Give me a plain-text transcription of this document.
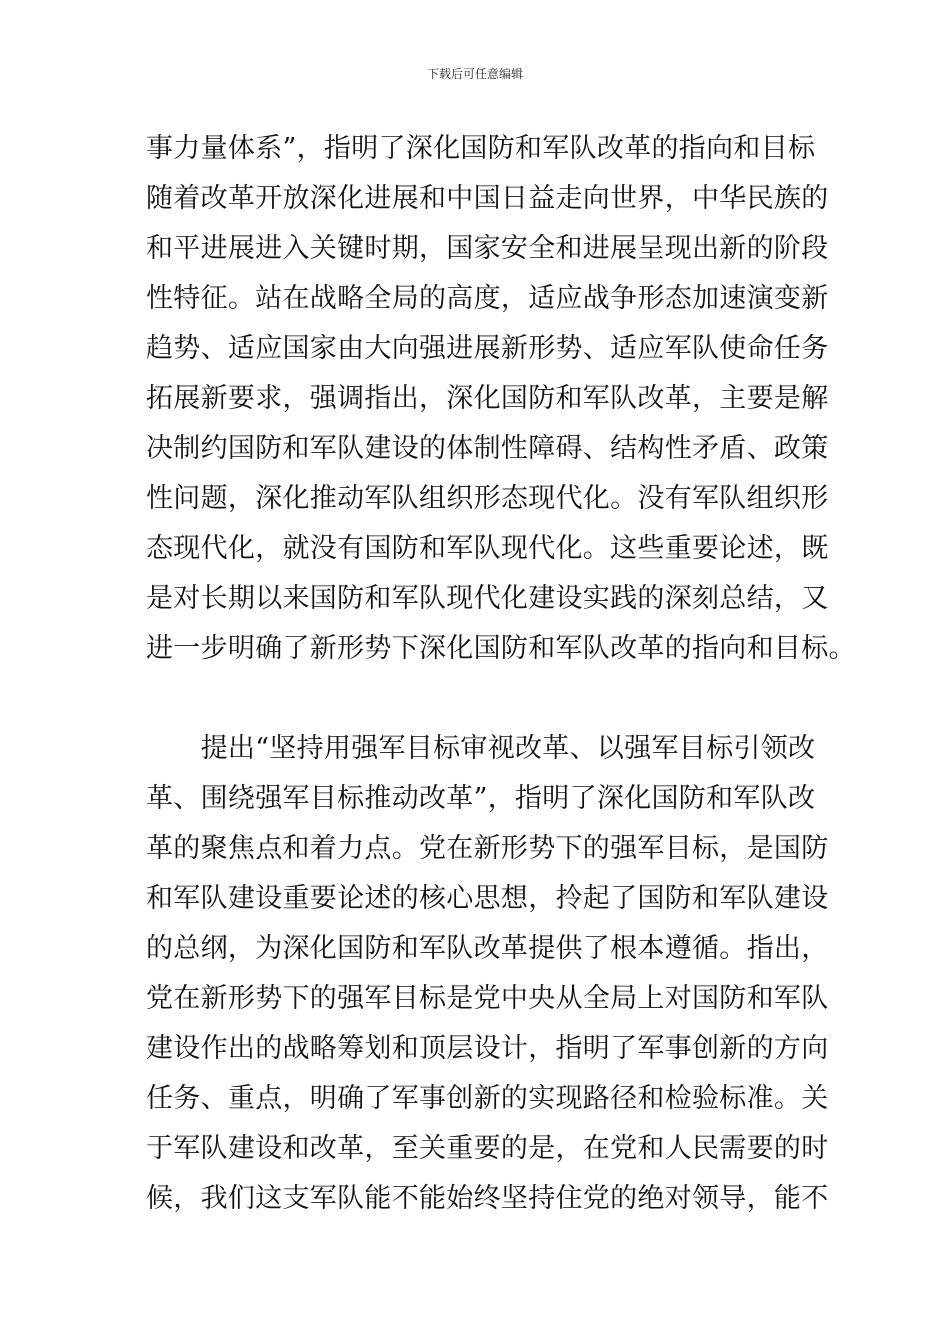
下载后可任意编辑

事力量体系”，指明了深化国防和军队改革的指向和目标
随着改革开放深化进展和中国日益走向世界，中华民族的
和平进展进入关键时期，国家安全和进展呈现出新的阶段
性特征。站在战略全局的高度，适应战争形态加速演变新
趋势、适应国家由大向强进展新形势、适应军队使命任务
拓展新要求，强调指出，深化国防和军队改革，主要是解
决制约国防和军队建设的体制性障碍、结构性矛盾、政策
性问题，深化推动军队组织形态现代化。没有军队组织形
态现代化，就没有国防和军队现代化。这些重要论述，既
是对长期以来国防和军队现代化建设实践的深刻总结，又
进一步明确了新形势下深化国防和军队改革的指向和目标。

　　提出“坚持用强军目标审视改革、以强军目标引领改
革、围绕强军目标推动改革”，指明了深化国防和军队改
革的聚焦点和着力点。党在新形势下的强军目标，是国防
和军队建设重要论述的核心思想，拎起了国防和军队建设
的总纲，为深化国防和军队改革提供了根本遵循。指出，
党在新形势下的强军目标是党中央从全局上对国防和军队
建设作出的战略筹划和顶层设计，指明了军事创新的方向
任务、重点，明确了军事创新的实现路径和检验标准。关
于军队建设和改革，至关重要的是，在党和人民需要的时
候，我们这支军队能不能始终坚持住党的绝对领导，能不
